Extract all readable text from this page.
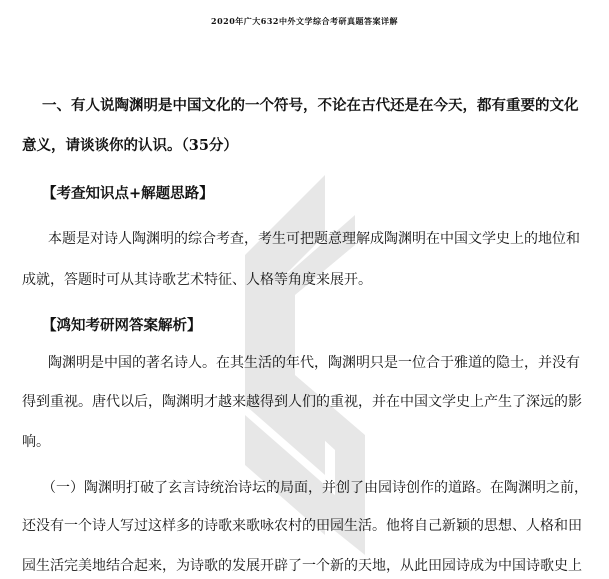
2020年广大632中外文学综合考研真题答案详解
一、有人说陶渊明是中国文化的一个符号，不论在古代还是在今天，都有重要的文化
意义，请谈谈你的认识。（35分）
【考查知识点+解题思路】
本题是对诗人陶渊明的综合考查，考生可把题意理解成陶渊明在中国文学史上的地位和
成就，答题时可从其诗歌艺术特征、人格等角度来展开。
【鸿知考研网答案解析】
陶渊明是中国的著名诗人。在其生活的年代，陶渊明只是一位合于雅道的隐士，并没有
得到重视。唐代以后，陶渊明才越来越得到人们的重视，并在中国文学史上产生了深远的影
响。
（一）陶渊明打破了玄言诗统治诗坛的局面，并创了由园诗创作的道路。在陶渊明之前，
还没有一个诗人写过这样多的诗歌来歌咏农村的田园生活。他将自己新颖的思想、人格和田
园生活完美地结合起来，为诗歌的发展开辟了一个新的天地，从此田园诗成为中国诗歌史上
